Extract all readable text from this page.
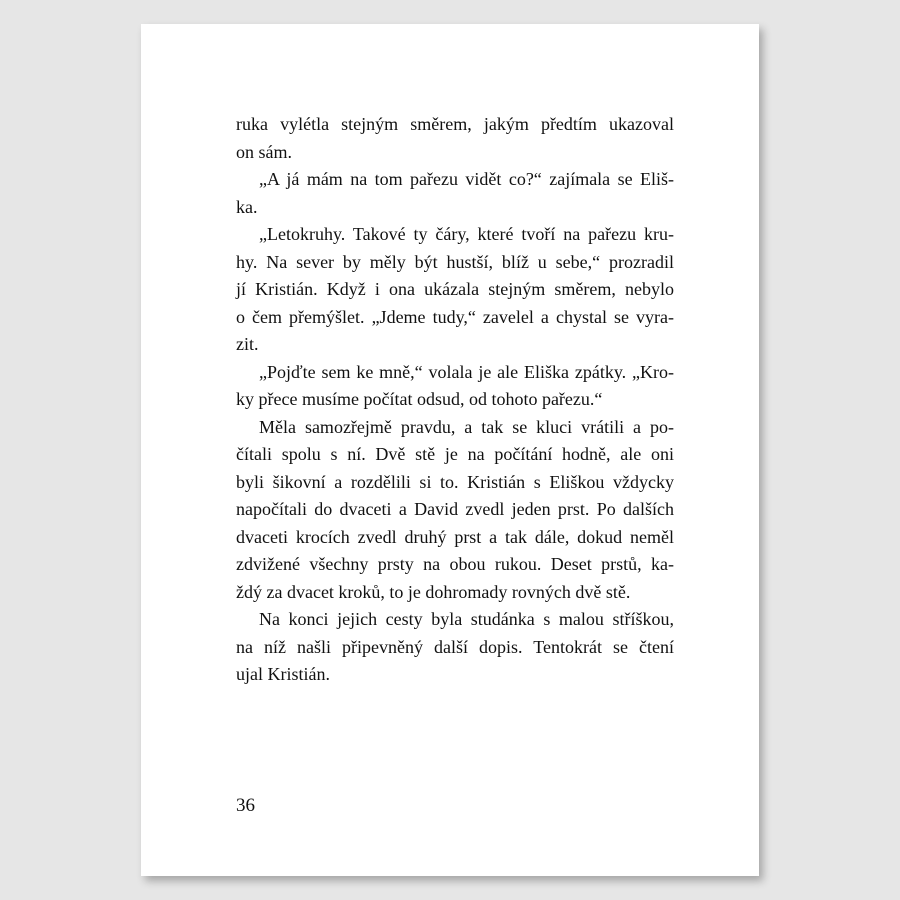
ruka vylétla stejným směrem, jakým předtím ukazoval
on sám.
„A já mám na tom pařezu vidět co?“ zajímala se Eliš-
ka.
„Letokruhy. Takové ty čáry, které tvoří na pařezu kru-
hy. Na sever by měly být hustší, blíž u sebe,“ prozradil
jí Kristián. Když i ona ukázala stejným směrem, nebylo
o čem přemýšlet. „Jdeme tudy,“ zavelel a chystal se vyra-
zit.
„Pojďte sem ke mně,“ volala je ale Eliška zpátky. „Kro-
ky přece musíme počítat odsud, od tohoto pařezu.“
Měla samozřejmě pravdu, a tak se kluci vrátili a po-
čítali spolu s ní. Dvě stě je na počítání hodně, ale oni
byli šikovní a rozdělili si to. Kristián s Eliškou vždycky
napočítali do dvaceti a David zvedl jeden prst. Po dalších
dvaceti krocích zvedl druhý prst a tak dále, dokud neměl
zdvižené všechny prsty na obou rukou. Deset prstů, ka-
ždý za dvacet kroků, to je dohromady rovných dvě stě.
Na konci jejich cesty byla studánka s malou stříškou,
na níž našli připevněný další dopis. Tentokrát se čtení
ujal Kristián.
36
